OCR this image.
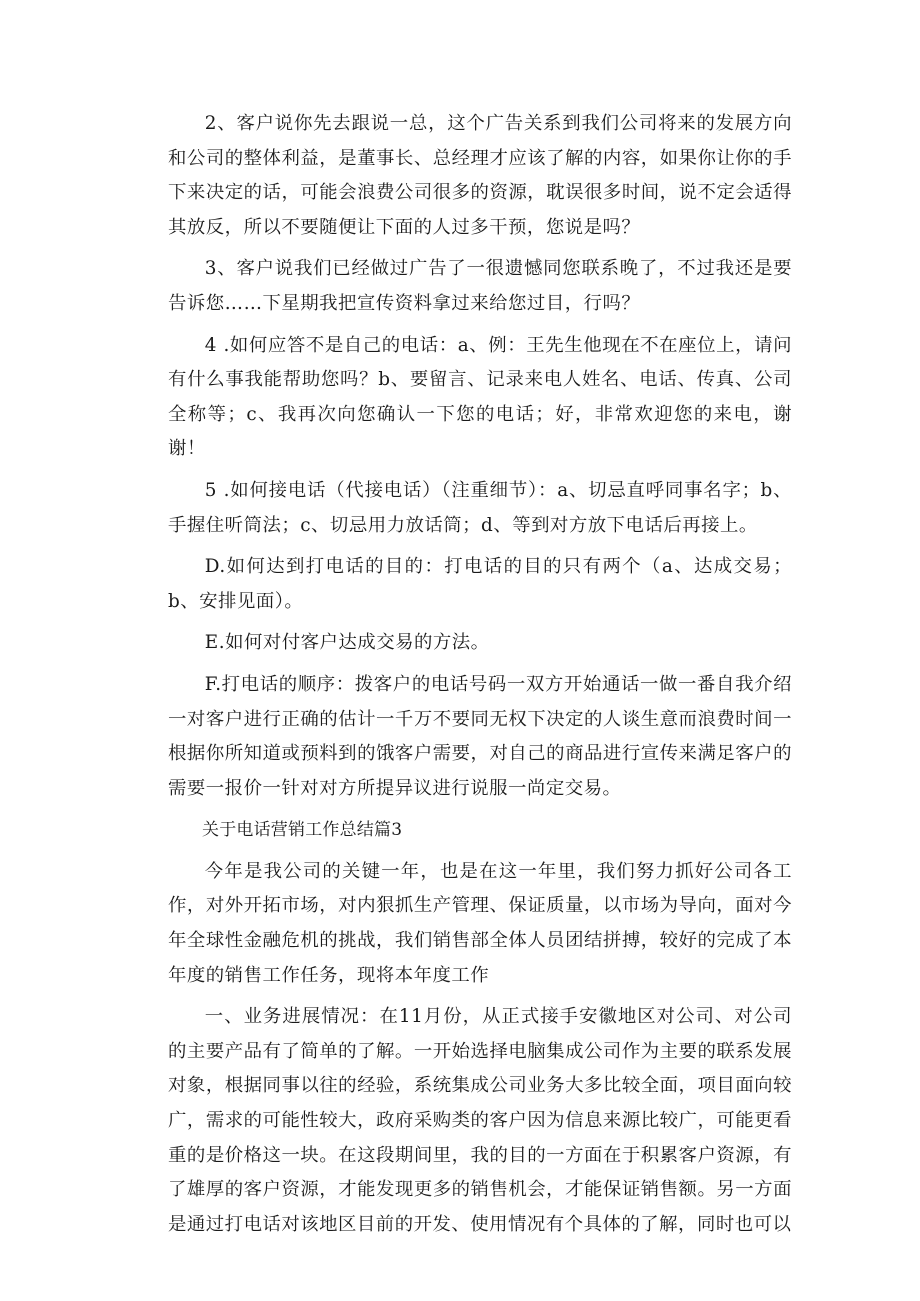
2、客户说你先去跟说一总，这个广告关系到我们公司将来的发展方向和公司的整体利益，是董事长、总经理才应该了解的内容，如果你让你的手下来决定的话，可能会浪费公司很多的资源，耽误很多时间，说不定会适得其放反，所以不要随便让下面的人过多干预，您说是吗？

3、客户说我们已经做过广告了一很遗憾同您联系晚了，不过我还是要告诉您……下星期我把宣传资料拿过来给您过目，行吗？

4 .如何应答不是自己的电话：a、例：王先生他现在不在座位上，请问有什么事我能帮助您吗？b、要留言、记录来电人姓名、电话、传真、公司全称等；c、我再次向您确认一下您的电话；好，非常欢迎您的来电，谢谢！

5 .如何接电话（代接电话）（注重细节）：a、切忌直呼同事名字；b、手握住听筒法；c、切忌用力放话筒；d、等到对方放下电话后再接上。

D.如何达到打电话的目的：打电话的目的只有两个（a、达成交易；b、安排见面）。

E.如何对付客户达成交易的方法。

F.打电话的顺序：拨客户的电话号码一双方开始通话一做一番自我介绍一对客户进行正确的估计一千万不要同无权下决定的人谈生意而浪费时间一根据你所知道或预料到的饿客户需要，对自己的商品进行宣传来满足客户的需要一报价一针对对方所提异议进行说服一尚定交易。

关于电话营销工作总结篇3

今年是我公司的关键一年，也是在这一年里，我们努力抓好公司各工作，对外开拓市场，对内狠抓生产管理、保证质量，以市场为导向，面对今年全球性金融危机的挑战，我们销售部全体人员团结拼搏，较好的完成了本年度的销售工作任务，现将本年度工作

一、业务进展情况：在11月份，从正式接手安徽地区对公司、对公司的主要产品有了简单的了解。一开始选择电脑集成公司作为主要的联系发展对象，根据同事以往的经验，系统集成公司业务大多比较全面，项目面向较广，需求的可能性较大，政府采购类的客户因为信息来源比较广，可能更看重的是价格这一块。在这段期间里，我的目的一方面在于积累客户资源，有了雄厚的客户资源，才能发现更多的销售机会，才能保证销售额。另一方面是通过打电话对该地区目前的开发、使用情况有个具体的了解，同时也可以
